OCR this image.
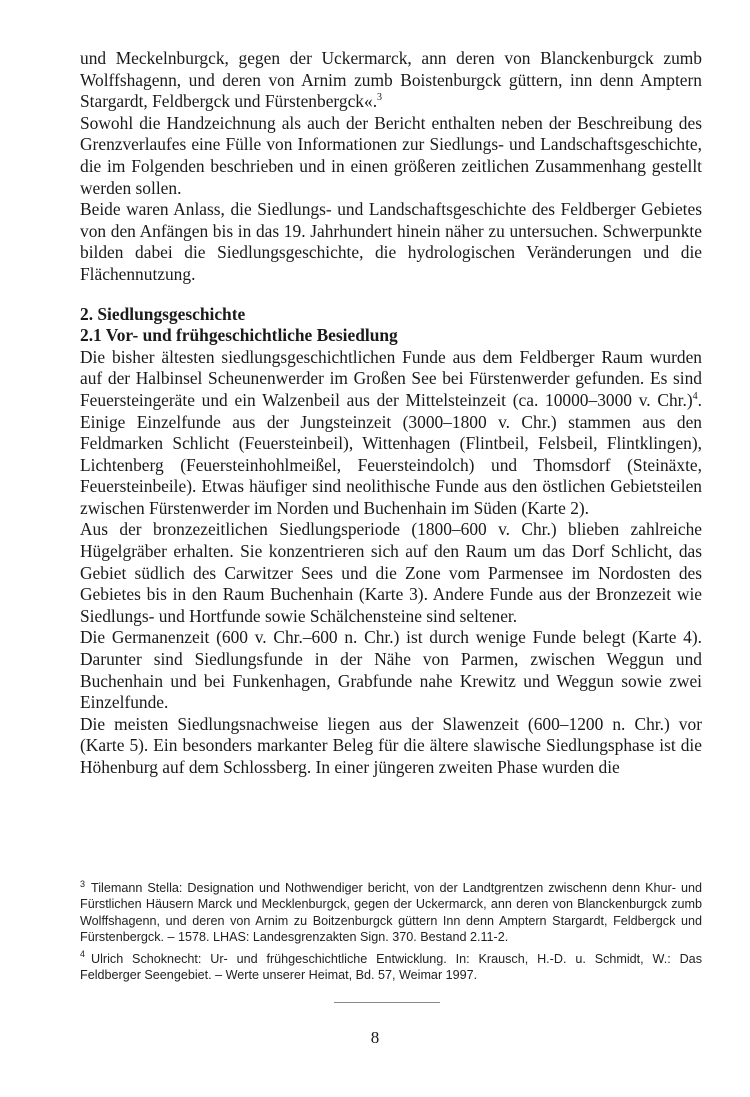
und Meckelnburgck, gegen der Uckermarck, ann deren von Blanckenburgck zumb Wolffshagenn, und deren von Arnim zumb Boistenburgck güttern, inn denn Amptern Stargardt, Feldbergck und Fürstenbergck«.$^3$

Sowohl die Handzeichnung als auch der Bericht enthalten neben der Beschreibung des Grenzverlaufes eine Fülle von Informationen zur Siedlungs- und Landschaftsgeschichte, die im Folgenden beschrieben und in einen größeren zeitlichen Zusammenhang gestellt werden sollen.

Beide waren Anlass, die Siedlungs- und Landschaftsgeschichte des Feldberger Gebietes von den Anfängen bis in das 19. Jahrhundert hinein näher zu untersuchen. Schwerpunkte bilden dabei die Siedlungsgeschichte, die hydrologischen Veränderungen und die Flächennutzung.

2. Siedlungsgeschichte

2.1 Vor- und frühgeschichtliche Besiedlung

Die bisher ältesten siedlungsgeschichtlichen Funde aus dem Feldberger Raum wurden auf der Halbinsel Scheunenwerder im Großen See bei Fürstenwerder gefunden. Es sind Feuersteingeräte und ein Walzenbeil aus der Mittelsteinzeit (ca. 10000–3000 v. Chr.)$^4$. Einige Einzelfunde aus der Jungsteinzeit (3000–1800 v. Chr.) stammen aus den Feldmarken Schlicht (Feuersteinbeil), Wittenhagen (Flintbeil, Felsbeil, Flintklingen), Lichtenberg (Feuersteinhohlmeißel, Feuersteindolch) und Thomsdorf (Steinäxte, Feuersteinbeile). Etwas häufiger sind neolithische Funde aus den östlichen Gebietsteilen zwischen Fürstenwerder im Norden und Buchenhain im Süden (Karte 2).

Aus der bronzezeitlichen Siedlungsperiode (1800–600 v. Chr.) blieben zahlreiche Hügelgräber erhalten. Sie konzentrieren sich auf den Raum um das Dorf Schlicht, das Gebiet südlich des Carwitzer Sees und die Zone vom Parmensee im Nordosten des Gebietes bis in den Raum Buchenhain (Karte 3). Andere Funde aus der Bronzezeit wie Siedlungs- und Hortfunde sowie Schälchensteine sind seltener.

Die Germanenzeit (600 v. Chr.–600 n. Chr.) ist durch wenige Funde belegt (Karte 4). Darunter sind Siedlungsfunde in der Nähe von Parmen, zwischen Weggun und Buchenhain und bei Funkenhagen, Grabfunde nahe Krewitz und Weggun sowie zwei Einzelfunde.

Die meisten Siedlungsnachweise liegen aus der Slawenzeit (600–1200 n. Chr.) vor (Karte 5). Ein besonders markanter Beleg für die ältere slawische Siedlungsphase ist die Höhenburg auf dem Schlossberg. In einer jüngeren zweiten Phase wurden die

$^3$ Tilemann Stella: Designation und Nothwendiger bericht, von der Landtgrentzen zwischenn denn Khur- und Fürstlichen Häusern Marck und Mecklenburgck, gegen der Uckermarck, ann deren von Blanckenburgck zumb Wolffshagenn, und deren von Arnim zu Boitzenburgck güttern Inn denn Amptern Stargardt, Feldbergck und Fürstenbergck. – 1578. LHAS: Landesgrenzakten Sign. 370. Bestand 2.11-2.

$^4$ Ulrich Schoknecht: Ur- und frühgeschichtliche Entwicklung. In: Krausch, H.-D. u. Schmidt, W.: Das Feldberger Seengebiet. – Werte unserer Heimat, Bd. 57, Weimar 1997.

8
